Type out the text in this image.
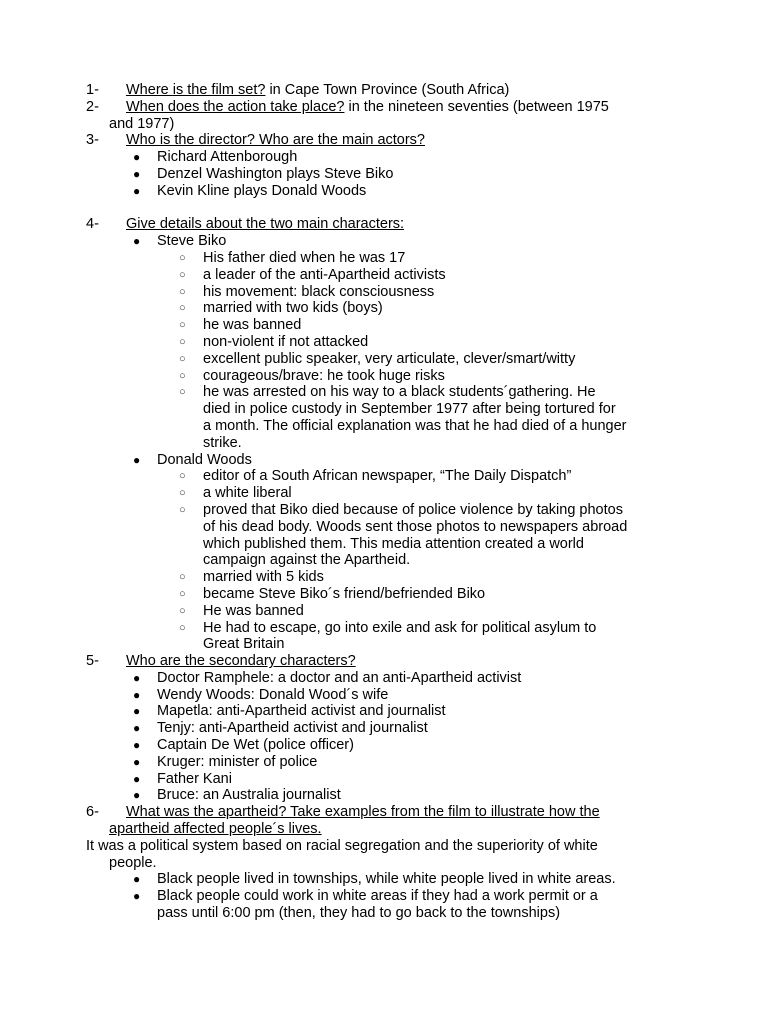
1- Where is the film set? in Cape Town Province (South Africa)
2- When does the action take place? in the nineteen seventies (between 1975
and 1977)
3- Who is the director? Who are the main actors?
● Richard Attenborough
● Denzel Washington plays Steve Biko
● Kevin Kline plays Donald Woods
4- Give details about the two main characters:
● Steve Biko
○ His father died when he was 17
○ a leader of the anti-Apartheid activists
○ his movement: black consciousness
○ married with two kids (boys)
○ he was banned
○ non-violent if not attacked
○ excellent public speaker, very articulate, clever/smart/witty
○ courageous/brave: he took huge risks
○ he was arrested on his way to a black students´gathering. He
died in police custody in September 1977 after being tortured for
a month. The official explanation was that he had died of a hunger
strike.
● Donald Woods
○ editor of a South African newspaper, “The Daily Dispatch”
○ a white liberal
○ proved that Biko died because of police violence by taking photos
of his dead body. Woods sent those photos to newspapers abroad
which published them. This media attention created a world
campaign against the Apartheid.
○ married with 5 kids
○ became Steve Biko´s friend/befriended Biko
○ He was banned
○ He had to escape, go into exile and ask for political asylum to
Great Britain
5- Who are the secondary characters?
● Doctor Ramphele: a doctor and an anti-Apartheid activist
● Wendy Woods: Donald Wood´s wife
● Mapetla: anti-Apartheid activist and journalist
● Tenjy: anti-Apartheid activist and journalist
● Captain De Wet (police officer)
● Kruger: minister of police
● Father Kani
● Bruce: an Australia journalist
6- What was the apartheid? Take examples from the film to illustrate how the
apartheid affected people´s lives.
It was a political system based on racial segregation and the superiority of white
people.
● Black people lived in townships, while white people lived in white areas.
● Black people could work in white areas if they had a work permit or a
pass until 6:00 pm (then, they had to go back to the townships)
